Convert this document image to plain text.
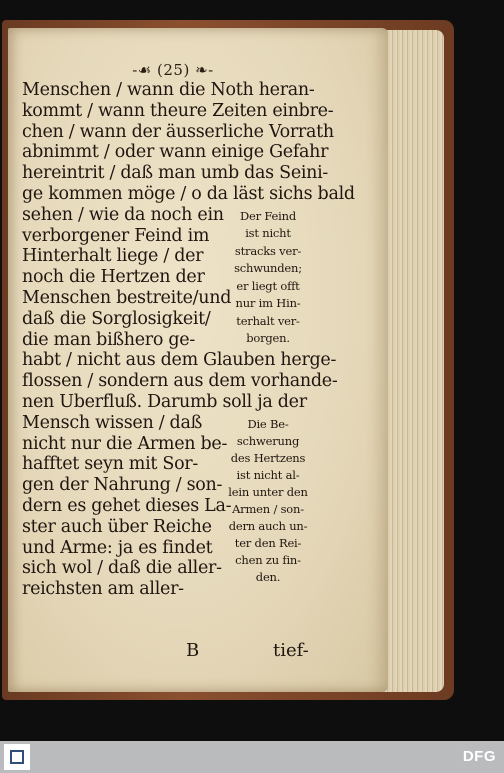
-☙ (25) ❧-
Menschen / wann die Noth heran-
kommt / wann theure Zeiten einbre-
chen / wann der äusserliche Vorrath
abnimmt / oder wann einige Gefahr
hereintrit / daß man umb das Seini-
ge kommen möge / o da läst sichs bald
sehen / wie da noch ein
verborgener Feind im
Hinterhalt liege / der
noch die Hertzen der
Menschen bestreite/und
daß die Sorglosigkeit/
die man bißhero ge-
Der Feind
ist nicht
stracks ver-
schwunden;
er liegt offt
nur im Hin-
terhalt ver-
borgen.
habt / nicht aus dem Glauben herge-
flossen / sondern aus dem vorhande-
nen Uberfluß. Darumb soll ja der
Mensch wissen / daß
nicht nur die Armen be-
hafftet seyn mit Sor-
gen der Nahrung / son-
dern es gehet dieses La-
ster auch über Reiche
und Arme: ja es findet
sich wol / daß die aller-
reichsten am aller-
Die Be-
schwerung
des Hertzens
ist nicht al-
lein unter den
Armen / son-
dern auch un-
ter den Rei-
chen zu fin-
den.
B	tief-
DFG
